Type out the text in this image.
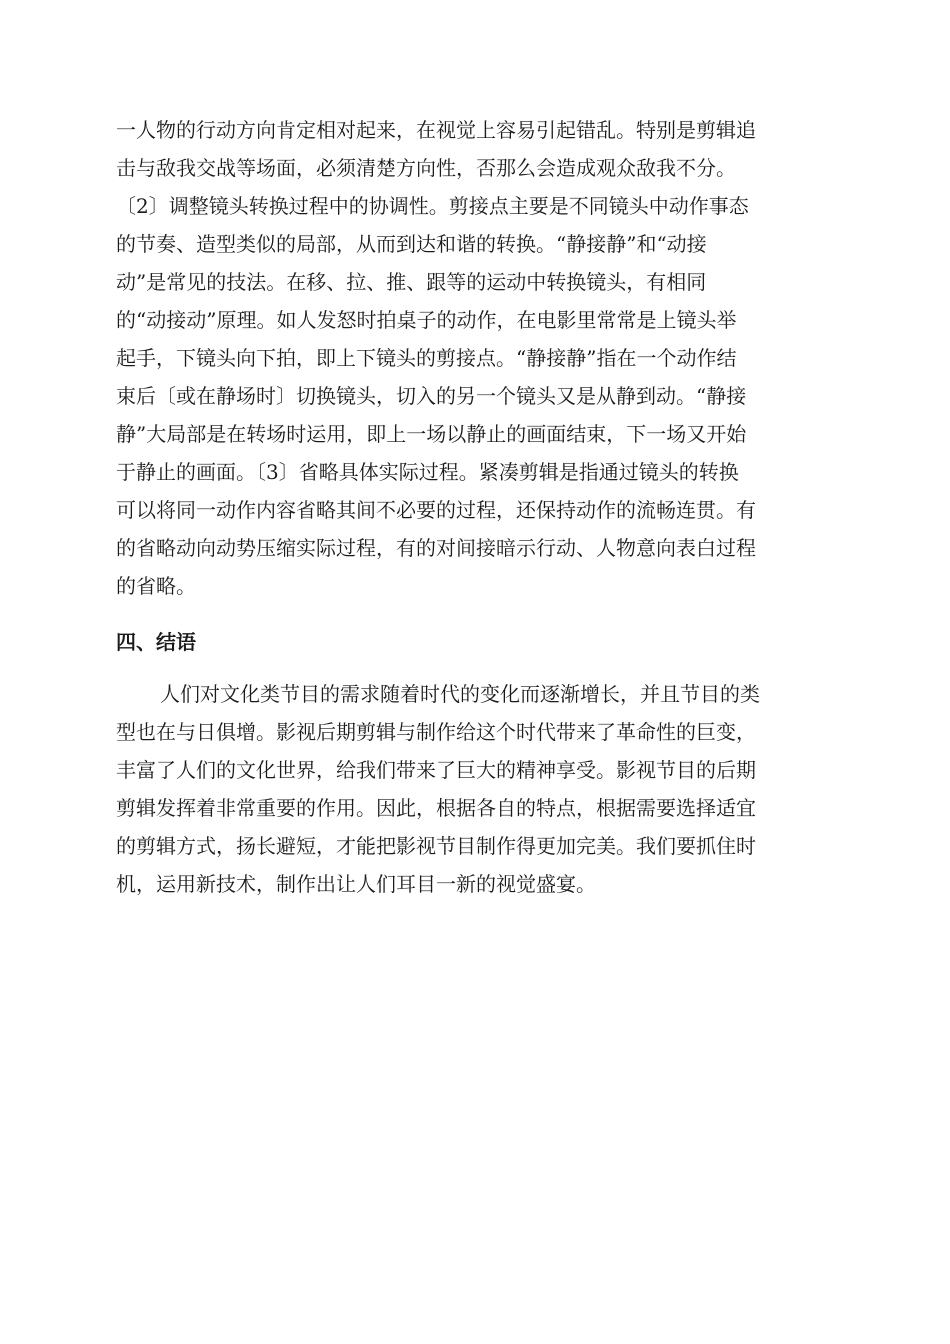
一人物的行动方向肯定相对起来，在视觉上容易引起错乱。特别是剪辑追
击与敌我交战等场面，必须清楚方向性，否那么会造成观众敌我不分。
〔2〕调整镜头转换过程中的协调性。剪接点主要是不同镜头中动作事态
的节奏、造型类似的局部，从而到达和谐的转换。“静接静”和“动接
动”是常见的技法。在移、拉、推、跟等的运动中转换镜头，有相同
的“动接动”原理。如人发怒时拍桌子的动作，在电影里常常是上镜头举
起手，下镜头向下拍，即上下镜头的剪接点。“静接静”指在一个动作结
束后〔或在静场时〕切换镜头，切入的另一个镜头又是从静到动。“静接
静”大局部是在转场时运用，即上一场以静止的画面结束，下一场又开始
于静止的画面。〔3〕省略具体实际过程。紧凑剪辑是指通过镜头的转换
可以将同一动作内容省略其间不必要的过程，还保持动作的流畅连贯。有
的省略动向动势压缩实际过程，有的对间接暗示行动、人物意向表白过程
的省略。
四、结语
人们对文化类节目的需求随着时代的变化而逐渐增长，并且节目的类
型也在与日俱增。影视后期剪辑与制作给这个时代带来了革命性的巨变，
丰富了人们的文化世界，给我们带来了巨大的精神享受。影视节目的后期
剪辑发挥着非常重要的作用。因此，根据各自的特点，根据需要选择适宜
的剪辑方式，扬长避短，才能把影视节目制作得更加完美。我们要抓住时
机，运用新技术，制作出让人们耳目一新的视觉盛宴。
